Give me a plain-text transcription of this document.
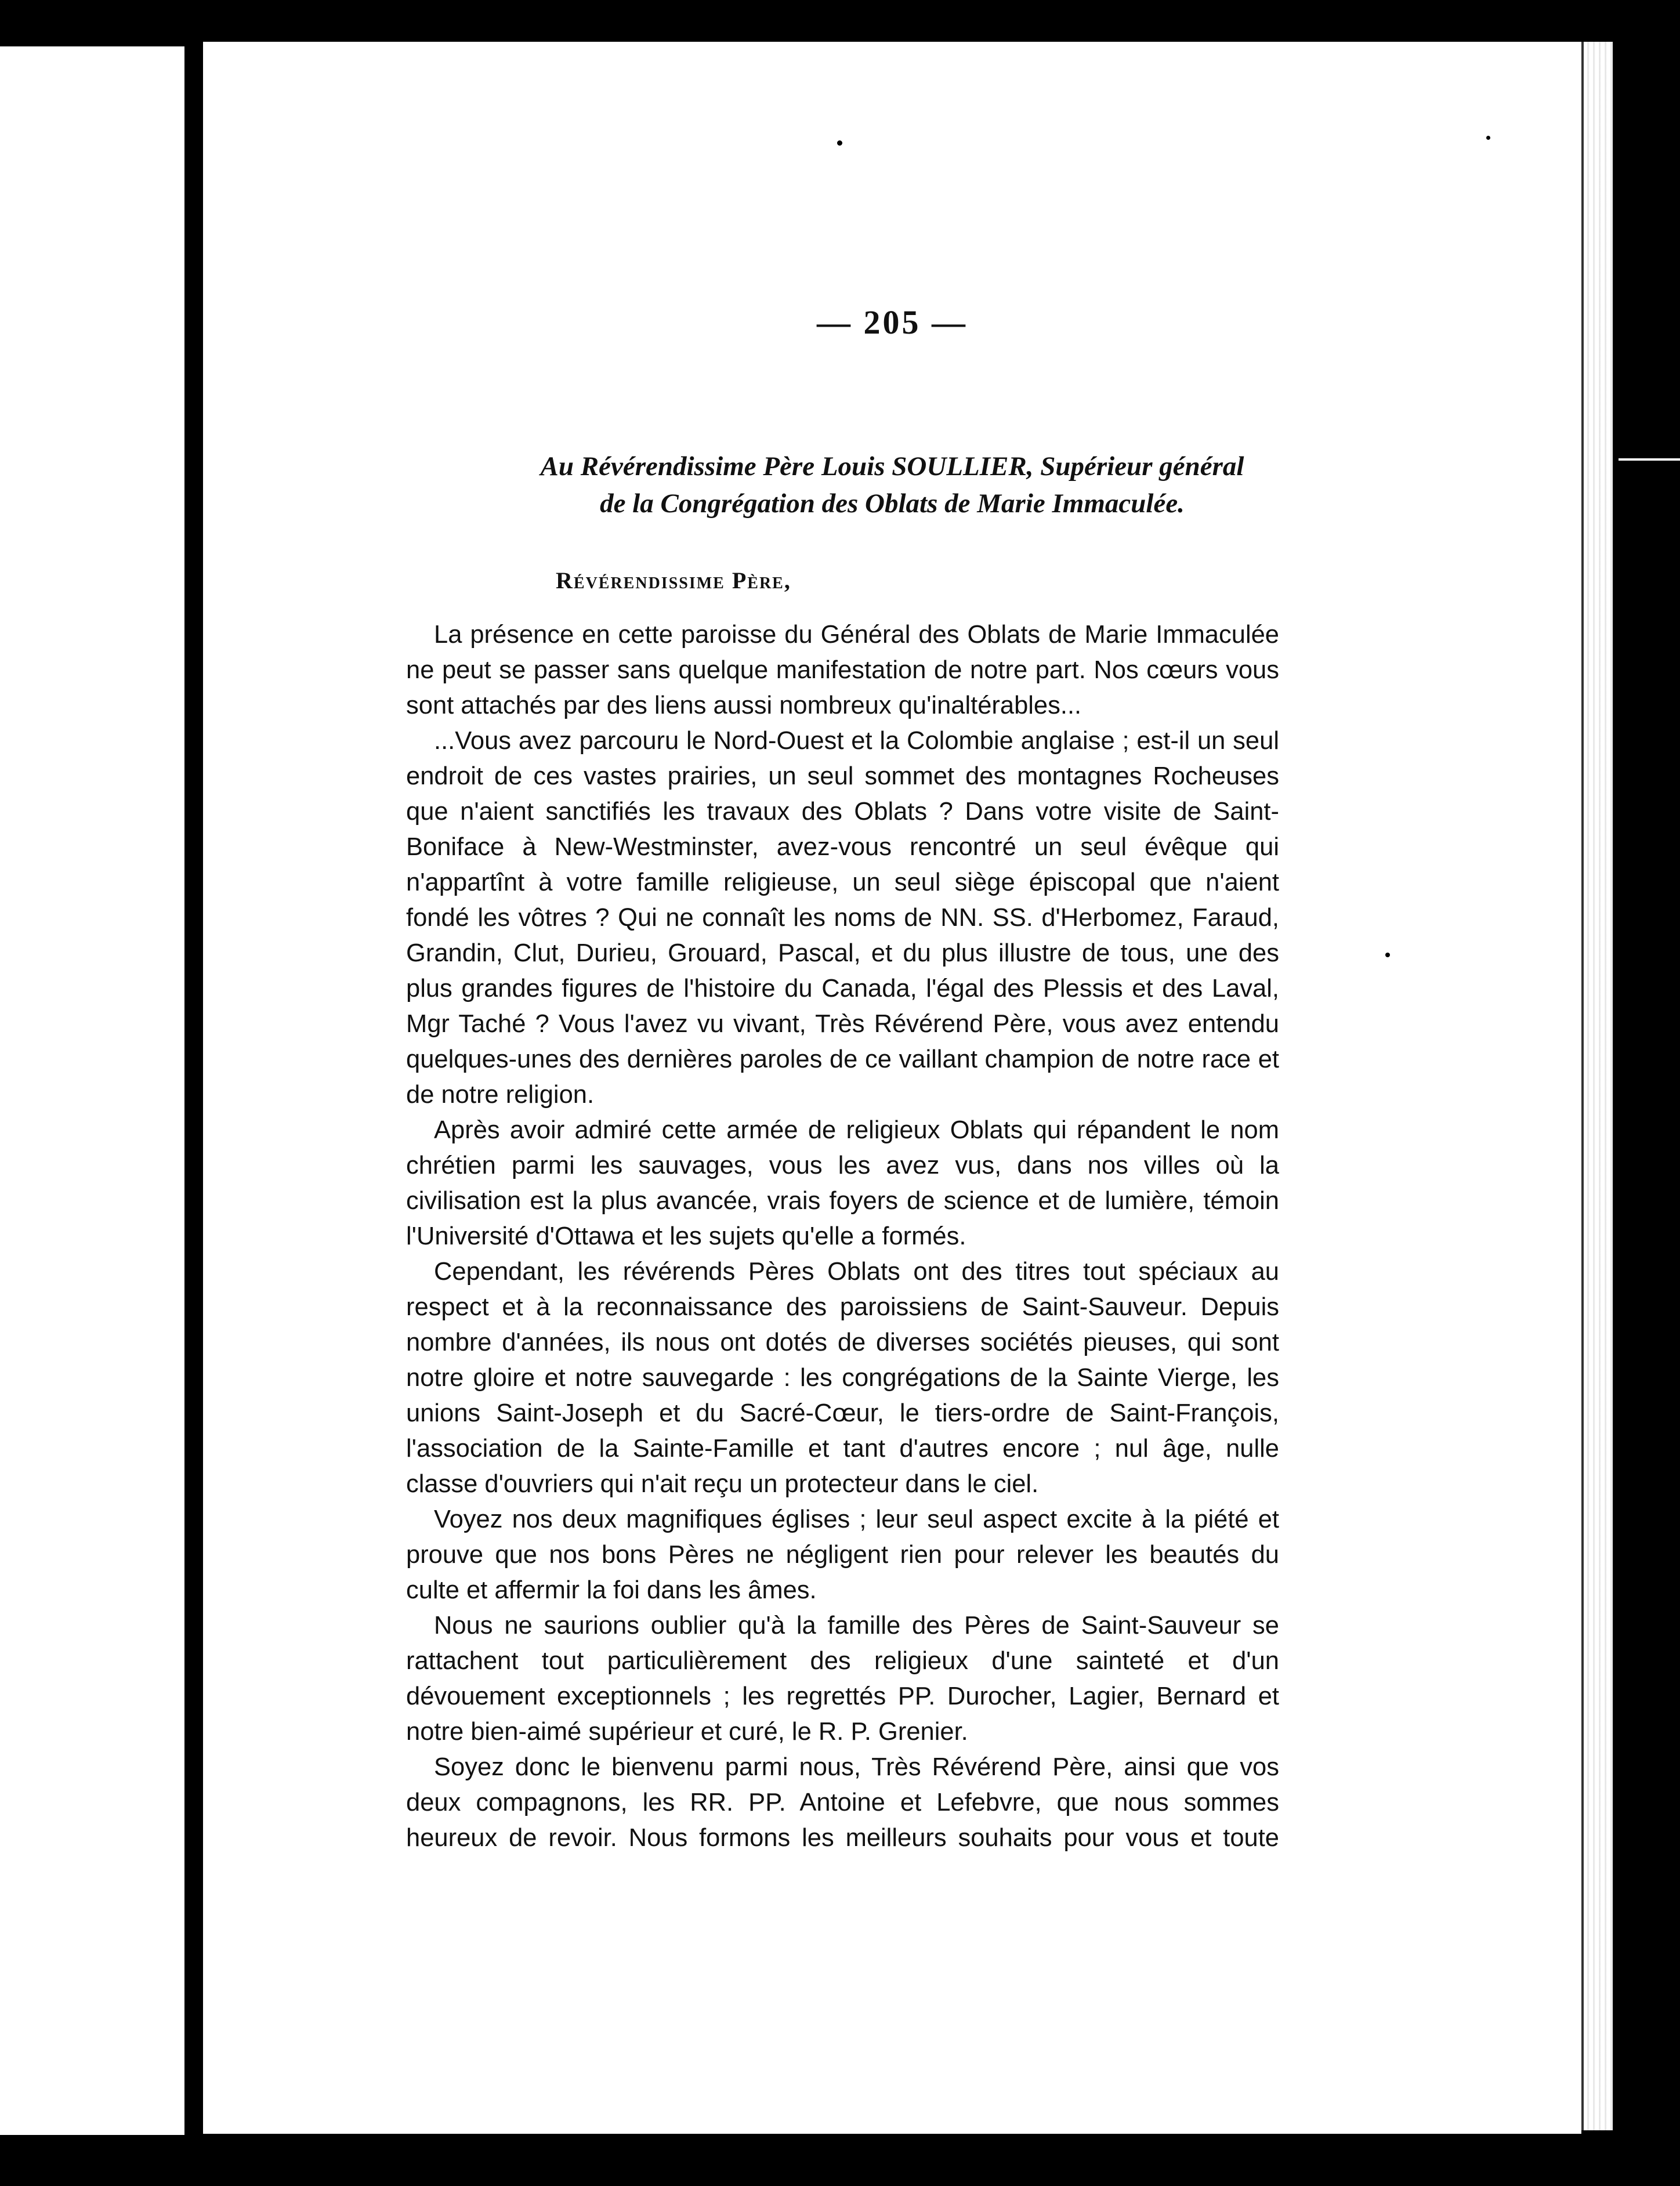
— 205 —
Au Révérendissime Père Louis SOULLIER, Supérieur général
de la Congrégation des Oblats de Marie Immaculée.
Révérendissime Père,

La présence en cette paroisse du Général des Oblats de Marie Immaculée ne peut se passer sans quelque manifestation de notre part. Nos cœurs vous sont attachés par des liens aussi nombreux qu'inaltérables...

...Vous avez parcouru le Nord-Ouest et la Colombie anglaise ; est-il un seul endroit de ces vastes prairies, un seul sommet des montagnes Rocheuses que n'aient sanctifiés les travaux des Oblats ? Dans votre visite de Saint-Boniface à New-Westminster, avez-vous rencontré un seul évêque qui n'appartînt à votre famille religieuse, un seul siège épiscopal que n'aient fondé les vôtres ? Qui ne connaît les noms de NN. SS. d'Herbomez, Faraud, Grandin, Clut, Durieu, Grouard, Pascal, et du plus illustre de tous, une des plus grandes figures de l'histoire du Canada, l'égal des Plessis et des Laval, Mgr Taché ? Vous l'avez vu vivant, Très Révérend Père, vous avez entendu quelques-unes des dernières paroles de ce vaillant champion de notre race et de notre religion.

Après avoir admiré cette armée de religieux Oblats qui répandent le nom chrétien parmi les sauvages, vous les avez vus, dans nos villes où la civilisation est la plus avancée, vrais foyers de science et de lumière, témoin l'Université d'Ottawa et les sujets qu'elle a formés.

Cependant, les révérends Pères Oblats ont des titres tout spéciaux au respect et à la reconnaissance des paroissiens de Saint-Sauveur. Depuis nombre d'années, ils nous ont dotés de diverses sociétés pieuses, qui sont notre gloire et notre sauvegarde : les congrégations de la Sainte Vierge, les unions Saint-Joseph et du Sacré-Cœur, le tiers-ordre de Saint-François, l'association de la Sainte-Famille et tant d'autres encore ; nul âge, nulle classe d'ouvriers qui n'ait reçu un protecteur dans le ciel.

Voyez nos deux magnifiques églises ; leur seul aspect excite à la piété et prouve que nos bons Pères ne négligent rien pour relever les beautés du culte et affermir la foi dans les âmes.

Nous ne saurions oublier qu'à la famille des Pères de Saint-Sauveur se rattachent tout particulièrement des religieux d'une sainteté et d'un dévouement exceptionnels ; les regrettés PP. Durocher, Lagier, Bernard et notre bien-aimé supérieur et curé, le R. P. Grenier.

Soyez donc le bienvenu parmi nous, Très Révérend Père, ainsi que vos deux compagnons, les RR. PP. Antoine et Lefebvre, que nous sommes heureux de revoir. Nous formons les meilleurs souhaits pour vous et toute
